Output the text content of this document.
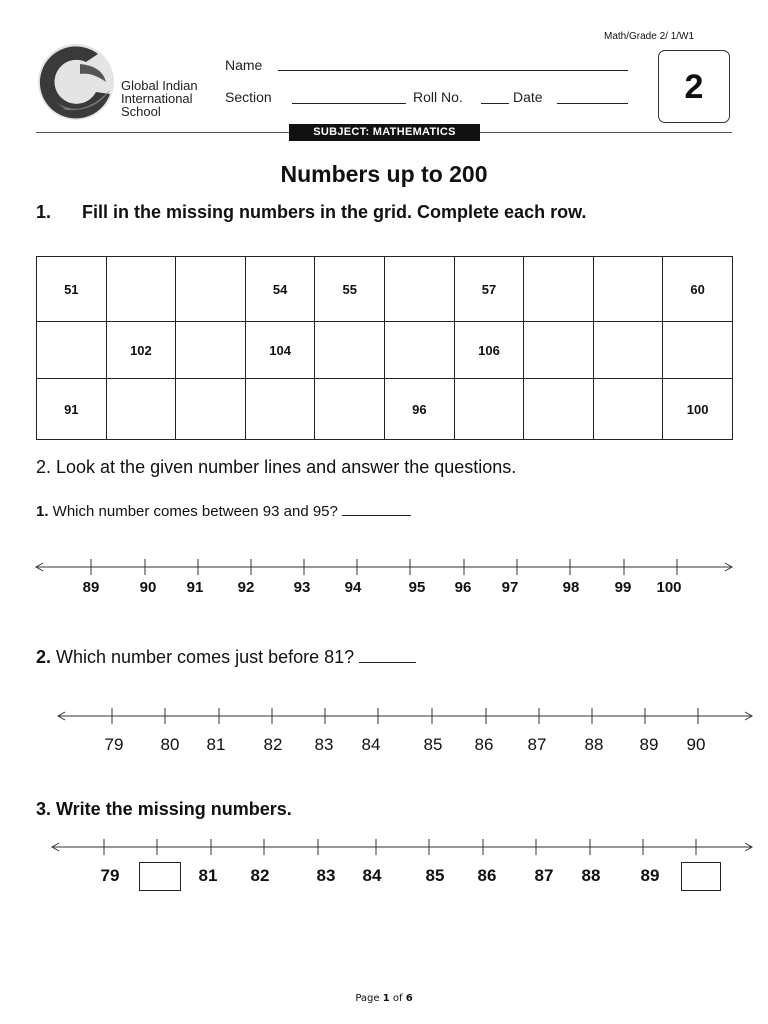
Math/Grade 2/ 1/W1
Global Indian
International
School
Name
Section	Roll No.	Date	2
SUBJECT: MATHEMATICS
Numbers up to 200
1. Fill in the missing numbers in the grid. Complete each row.
51			54	55		57			60
	102		104			106			
91					96				100
2. Look at the given number lines and answer the questions.
1. Which number comes between 93 and 95?
2. Which number comes just before 81?
3. Write the missing numbers.
89	90 91 92	93 94	95 96 97	98 99 100
79 80 81 82 83 84	85 86 87 88 89 90
79	81 82	83 84	85 86 87 88 89
Page 1 of 6
